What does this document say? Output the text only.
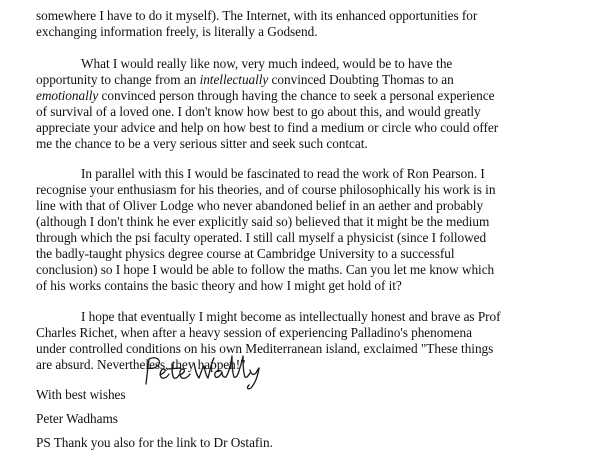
somewhere I have to do it myself). The Internet, with its enhanced opportunities for
exchanging information freely, is literally a Godsend.
What I would really like now, very much indeed, would be to have the
opportunity to change from an intellectually convinced Doubting Thomas to an
emotionally convinced person through having the chance to seek a personal experience
of survival of a loved one. I don't know how best to go about this, and would greatly
appreciate your advice and help on how best to find a medium or circle who could offer
me the chance to be a very serious sitter and seek such contcat.
In parallel with this I would be fascinated to read the work of Ron Pearson. I
recognise your enthusiasm for his theories, and of course philosophically his work is in
line with that of Oliver Lodge who never abandoned belief in an aether and probably
(although I don't think he ever explicitly said so) believed that it might be the medium
through which the psi faculty operated. I still call myself a physicist (since I followed
the badly-taught physics degree course at Cambridge University to a successful
conclusion) so I hope I would be able to follow the maths. Can you let me know which
of his works contains the basic theory and how I might get hold of it?
I hope that eventually I might become as intellectually honest and brave as Prof
Charles Richet, when after a heavy session of experiencing Palladino's phenomena
under controlled conditions on his own Mediterranean island, exclaimed "These things
are absurd. Nevertheless, they happen!"
With best wishes
Peter Wadhams
PS Thank you also for the link to Dr Ostafin.
